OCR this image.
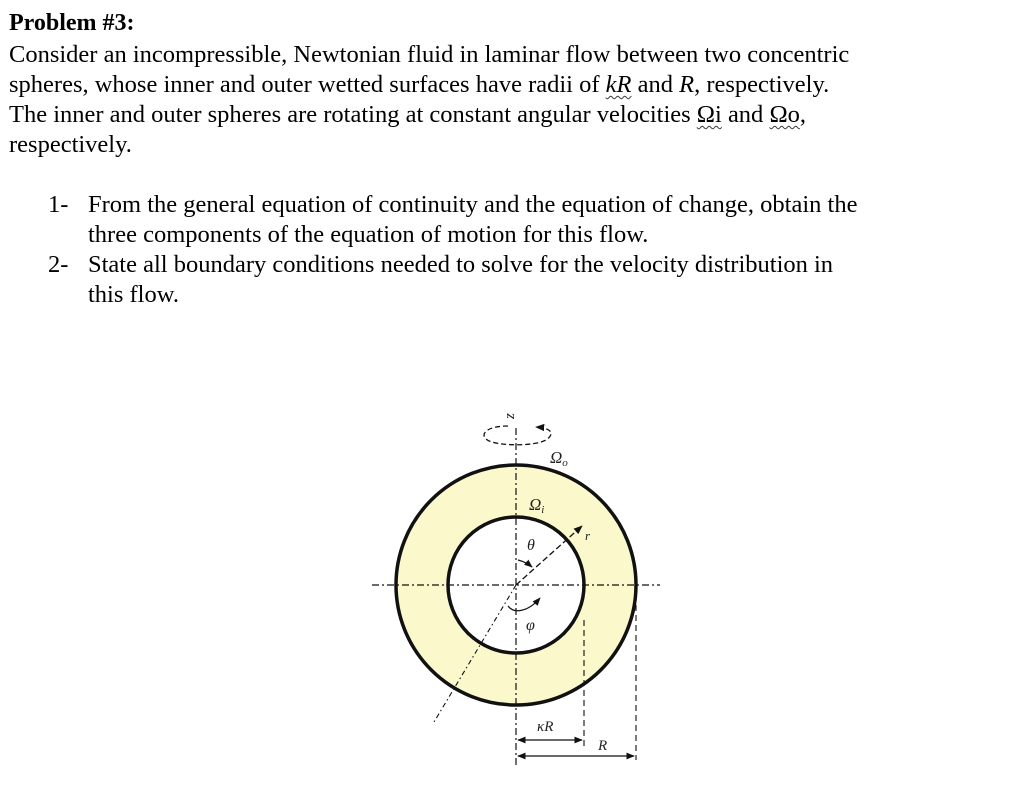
Problem #3:
Consider an incompressible, Newtonian fluid in laminar flow between two concentric
spheres, whose inner and outer wetted surfaces have radii of kR and R, respectively.
The inner and outer spheres are rotating at constant angular velocities Ωi and Ωo,
respectively.
1- From the general equation of continuity and the equation of change, obtain the
three components of the equation of motion for this flow.
2- State all boundary conditions needed to solve for the velocity distribution in
this flow.
z
Ωo
Ωi
r
θ
φ
κR
R
